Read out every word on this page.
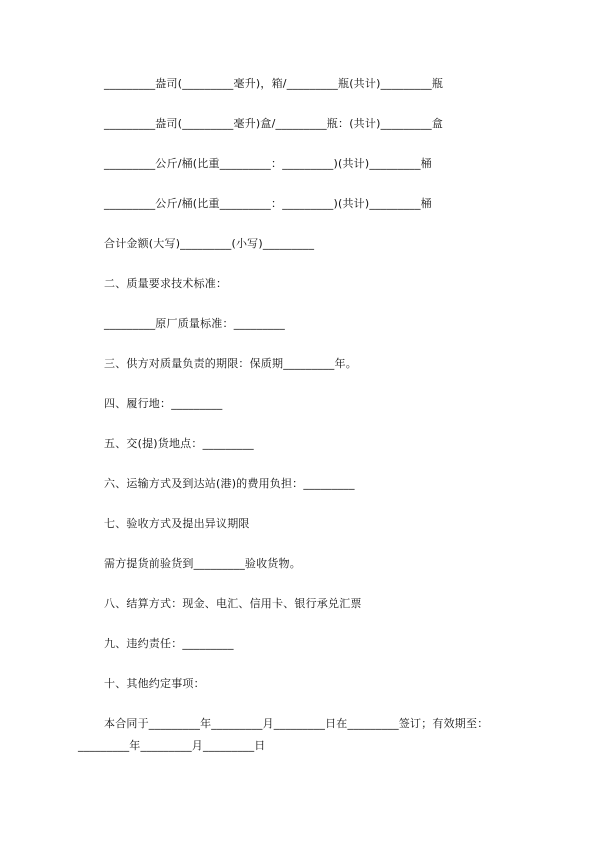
_________盎司(_________毫升)，箱/_________瓶(共计)_________瓶
_________盎司(_________毫升)盒/_________瓶：(共计)_________盒
_________公斤/桶(比重_________：_________)(共计)_________桶
_________公斤/桶(比重_________：_________)(共计)_________桶
合计金额(大写)_________(小写)_________
二、质量要求技术标准：
_________原厂质量标准：_________
三、供方对质量负责的期限：保质期_________年。
四、履行地：_________
五、交(提)货地点：_________
六、运输方式及到达站(港)的费用负担：_________
七、验收方式及提出异议期限
需方提货前验货到_________验收货物。
八、结算方式：现金、电汇、信用卡、银行承兑汇票
九、违约责任：_________
十、其他约定事项：
本合同于_________年_________月_________日在_________签订；有效期至：
_________年_________月_________日
